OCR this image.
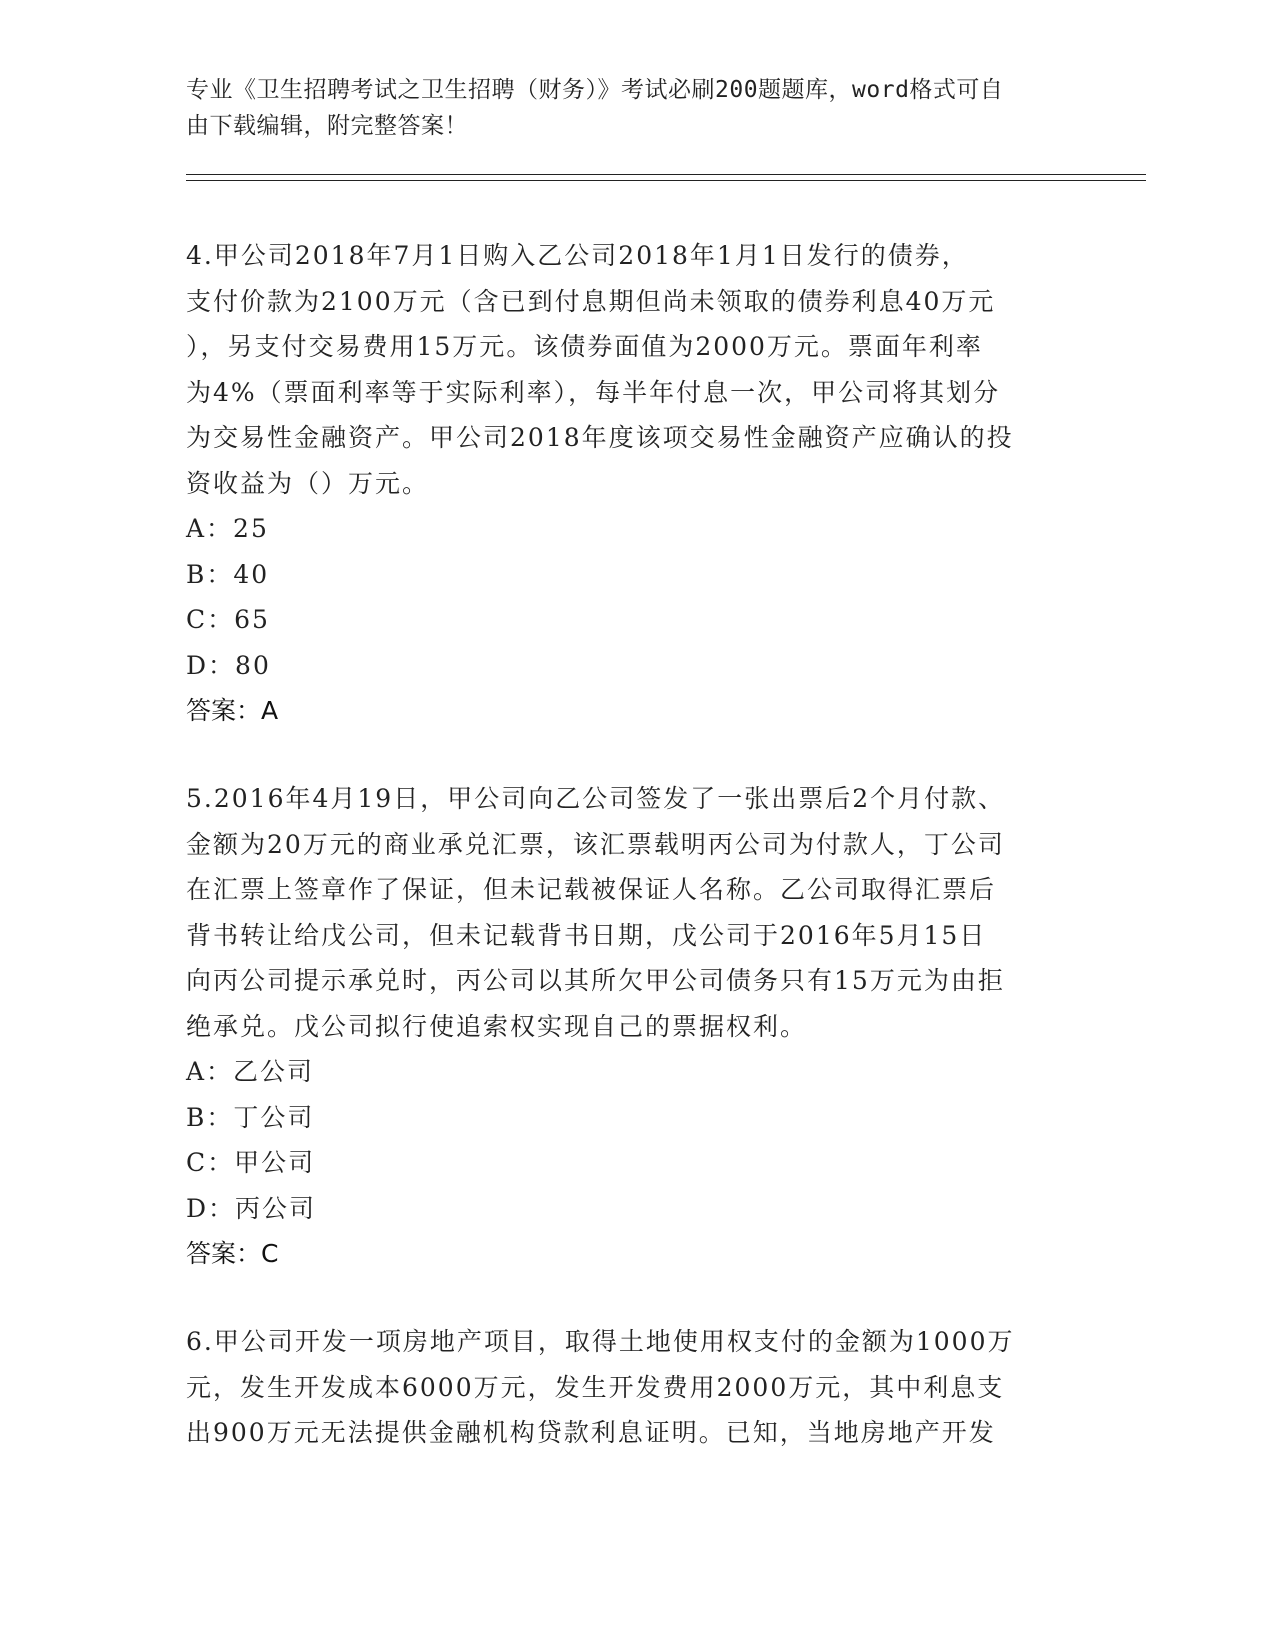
专业《卫生招聘考试之卫生招聘（财务）》考试必刷200题题库，word格式可自
由下载编辑，附完整答案！

4.甲公司2018年7月1日购入乙公司2018年1月1日发行的债券，

支付价款为2100万元（含已到付息期但尚未领取的债券利息40万元

），另支付交易费用15万元。该债券面值为2000万元。票面年利率

为4%（票面利率等于实际利率），每半年付息一次，甲公司将其划分

为交易性金融资产。甲公司2018年度该项交易性金融资产应确认的投

资收益为（）万元。

A：25

B：40

C：65

D：80

答案：A

5.2016年4月19日，甲公司向乙公司签发了一张出票后2个月付款、

金额为20万元的商业承兑汇票，该汇票载明丙公司为付款人，丁公司

在汇票上签章作了保证，但未记载被保证人名称。乙公司取得汇票后

背书转让给戊公司，但未记载背书日期，戊公司于2016年5月15日

向丙公司提示承兑时，丙公司以其所欠甲公司债务只有15万元为由拒

绝承兑。戊公司拟行使追索权实现自己的票据权利。

A：乙公司

B：丁公司

C：甲公司

D：丙公司

答案：C

6.甲公司开发一项房地产项目，取得土地使用权支付的金额为1000万

元，发生开发成本6000万元，发生开发费用2000万元，其中利息支

出900万元无法提供金融机构贷款利息证明。已知，当地房地产开发
